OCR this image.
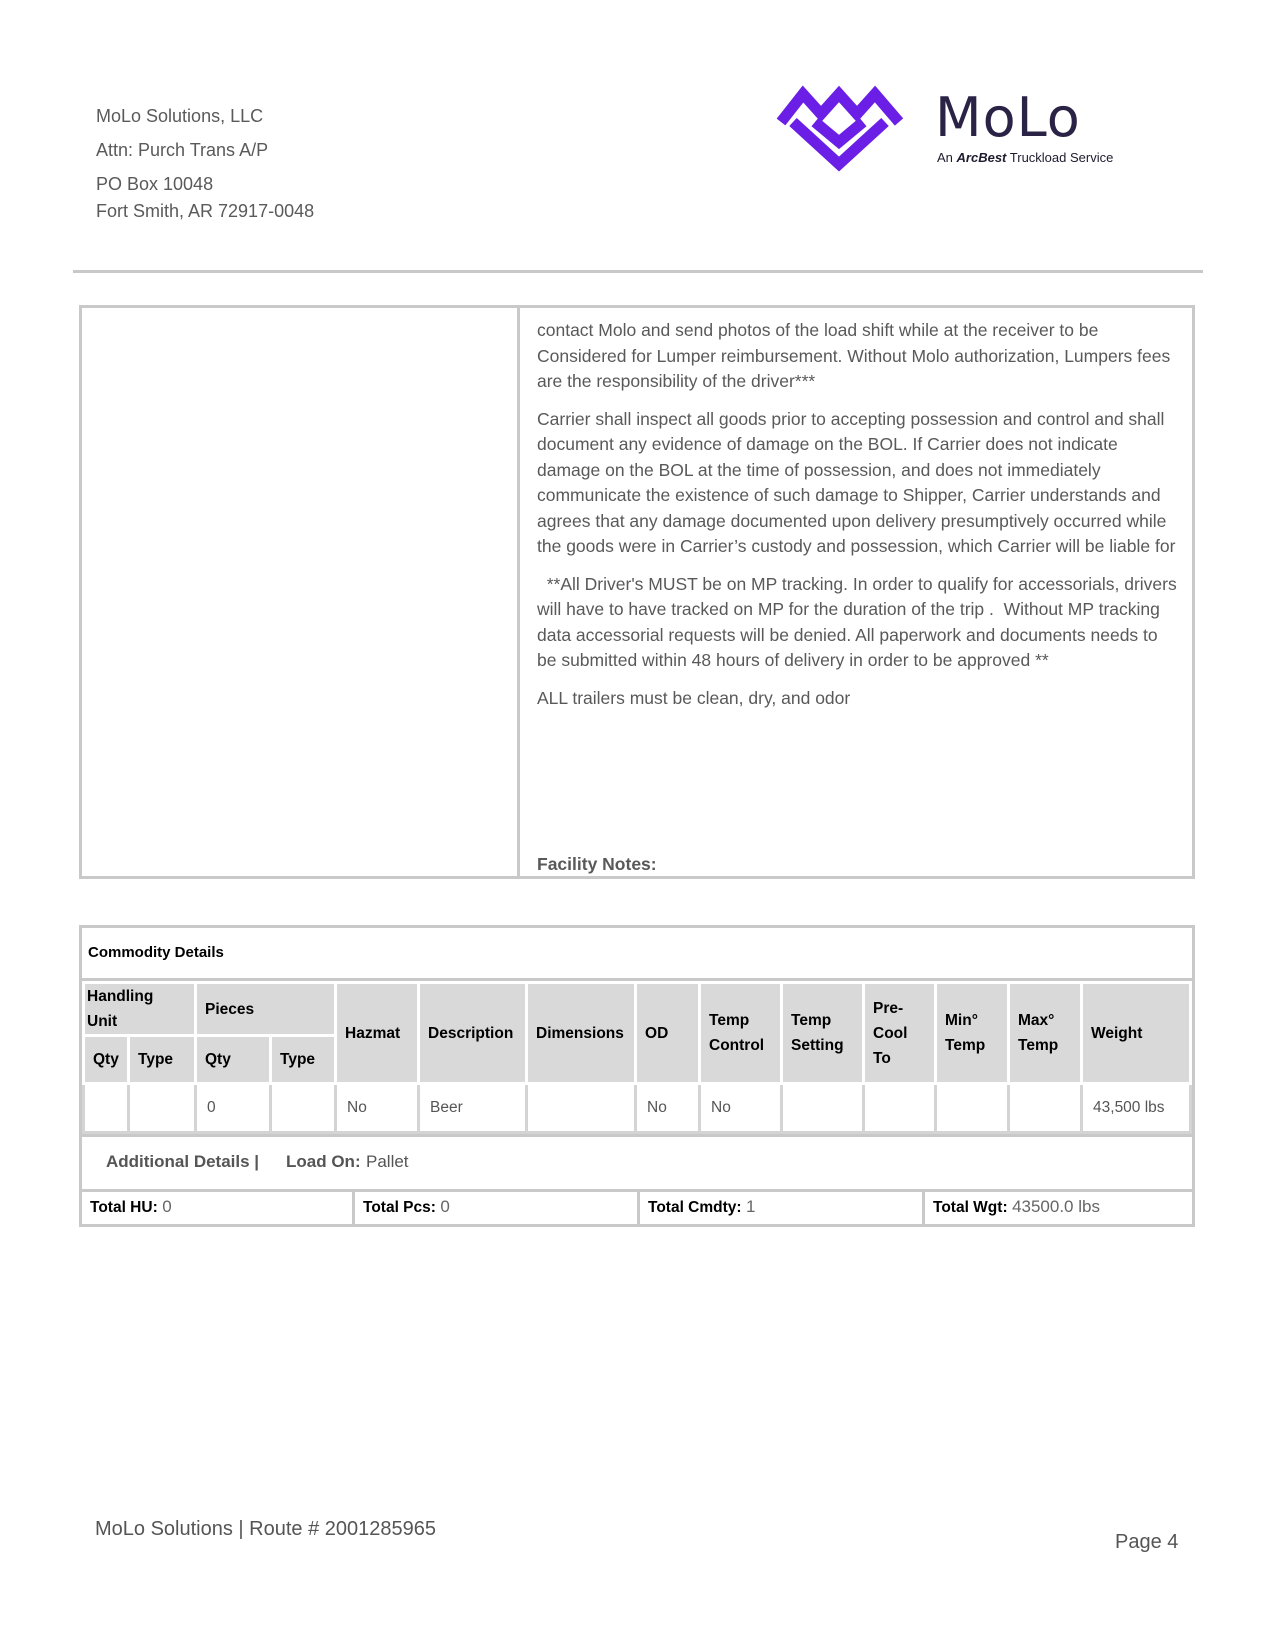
MoLo Solutions, LLC
Attn: Purch Trans A/P
PO Box 10048
Fort Smith, AR 72917-0048
MoLo
An ArcBest Truckload Service

contact Molo and send photos of the load shift while at the receiver to be Considered for Lumper reimbursement. Without Molo authorization, Lumpers fees are the responsibility of the driver***

Carrier shall inspect all goods prior to accepting possession and control and shall document any evidence of damage on the BOL. If Carrier does not indicate damage on the BOL at the time of possession, and does not immediately communicate the existence of such damage to Shipper, Carrier understands and agrees that any damage documented upon delivery presumptively occurred while the goods were in Carrier’s custody and possession, which Carrier will be liable for

**All Driver's MUST be on MP tracking. In order to qualify for accessorials, drivers will have to have tracked on MP for the duration of the trip .  Without MP tracking data accessorial requests will be denied. All paperwork and documents needs to be submitted within 48 hours of delivery in order to be approved **

ALL trailers must be clean, dry, and odor

Facility Notes:
Commodity Details
Handling Unit		Pieces		Hazmat	Description	Dimensions	OD	Temp Control	Temp Setting	Pre-Cool To	Min° Temp	Max° Temp	Weight
Qty	Type	Qty	Type										
		0		No	Beer		No	No					43,500 lbs
Additional Details | Load On: Pallet
Total HU: 0	Total Pcs: 0	Total Cmdty: 1	Total Wgt: 43500.0 lbs
MoLo Solutions | Route # 2001285965
Page 4
